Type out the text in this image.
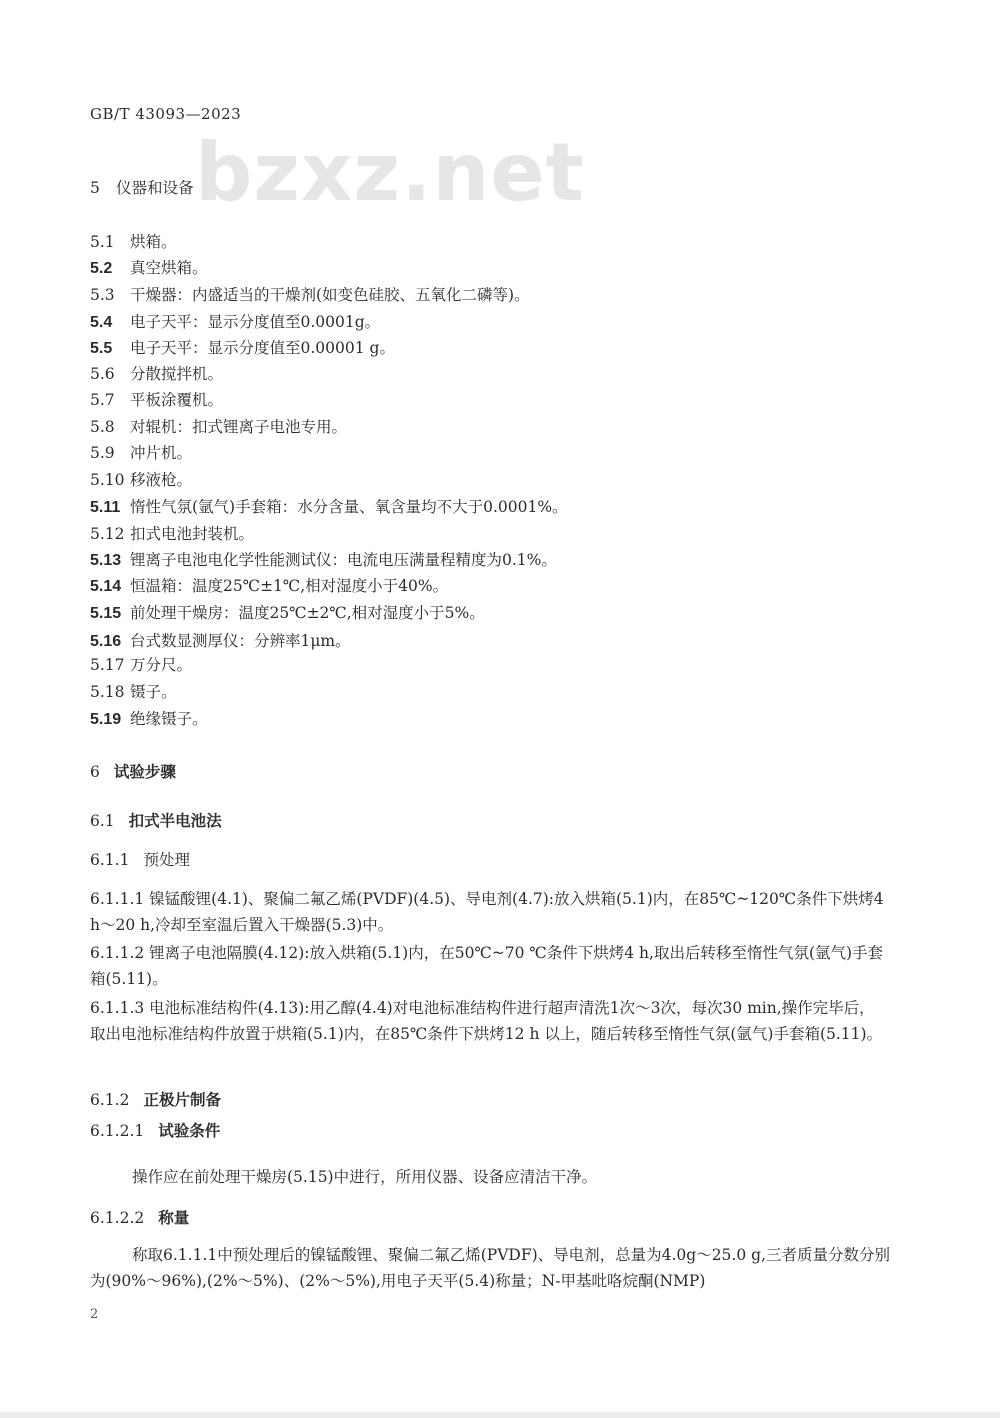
bzxz.net
GB/T 43093—2023
5 仪器和设备
5.1 烘箱。
5.2 真空烘箱。
5.3 干燥器：内盛适当的干燥剂(如变色硅胶、五氧化二磷等)。
5.4 电子天平：显示分度值至0.0001g。
5.5 电子天平：显示分度值至0.00001 g。
5.6 分散搅拌机。
5.7 平板涂覆机。
5.8 对辊机：扣式锂离子电池专用。
5.9 冲片机。
5.10 移液枪。
5.11 惰性气氛(氩气)手套箱：水分含量、氧含量均不大于0.0001%。
5.12 扣式电池封装机。
5.13 锂离子电池电化学性能测试仪：电流电压满量程精度为0.1%。
5.14 恒温箱：温度25℃±1℃,相对湿度小于40%。
5.15 前处理干燥房：温度25℃±2℃,相对湿度小于5%。
5.16 台式数显测厚仪：分辨率1μm。
5.17 万分尺。
5.18 镊子。
5.19 绝缘镊子。
6 试验步骤
6.1 扣式半电池法
6.1.1 预处理
6.1.1.1 镍锰酸锂(4.1)、聚偏二氟乙烯(PVDF)(4.5)、导电剂(4.7):放入烘箱(5.1)内，在85℃~120℃条件下烘烤4 h～20 h,冷却至室温后置入干燥器(5.3)中。
6.1.1.2 锂离子电池隔膜(4.12):放入烘箱(5.1)内，在50℃~70 ℃条件下烘烤4 h,取出后转移至惰性气氛(氩气)手套箱(5.11)。
6.1.1.3 电池标准结构件(4.13):用乙醇(4.4)对电池标准结构件进行超声清洗1次～3次，每次30 min,操作完毕后，取出电池标准结构件放置于烘箱(5.1)内，在85℃条件下烘烤12 h 以上，随后转移至惰性气氛(氩气)手套箱(5.11)。
6.1.2 正极片制备
6.1.2.1 试验条件
操作应在前处理干燥房(5.15)中进行，所用仪器、设备应清洁干净。
6.1.2.2 称量
称取6.1.1.1中预处理后的镍锰酸锂、聚偏二氟乙烯(PVDF)、导电剂，总量为4.0g～25.0 g,三者质量分数分别为(90%～96%),(2%～5%)、(2%～5%),用电子天平(5.4)称量；N-甲基吡咯烷酮(NMP)
2
